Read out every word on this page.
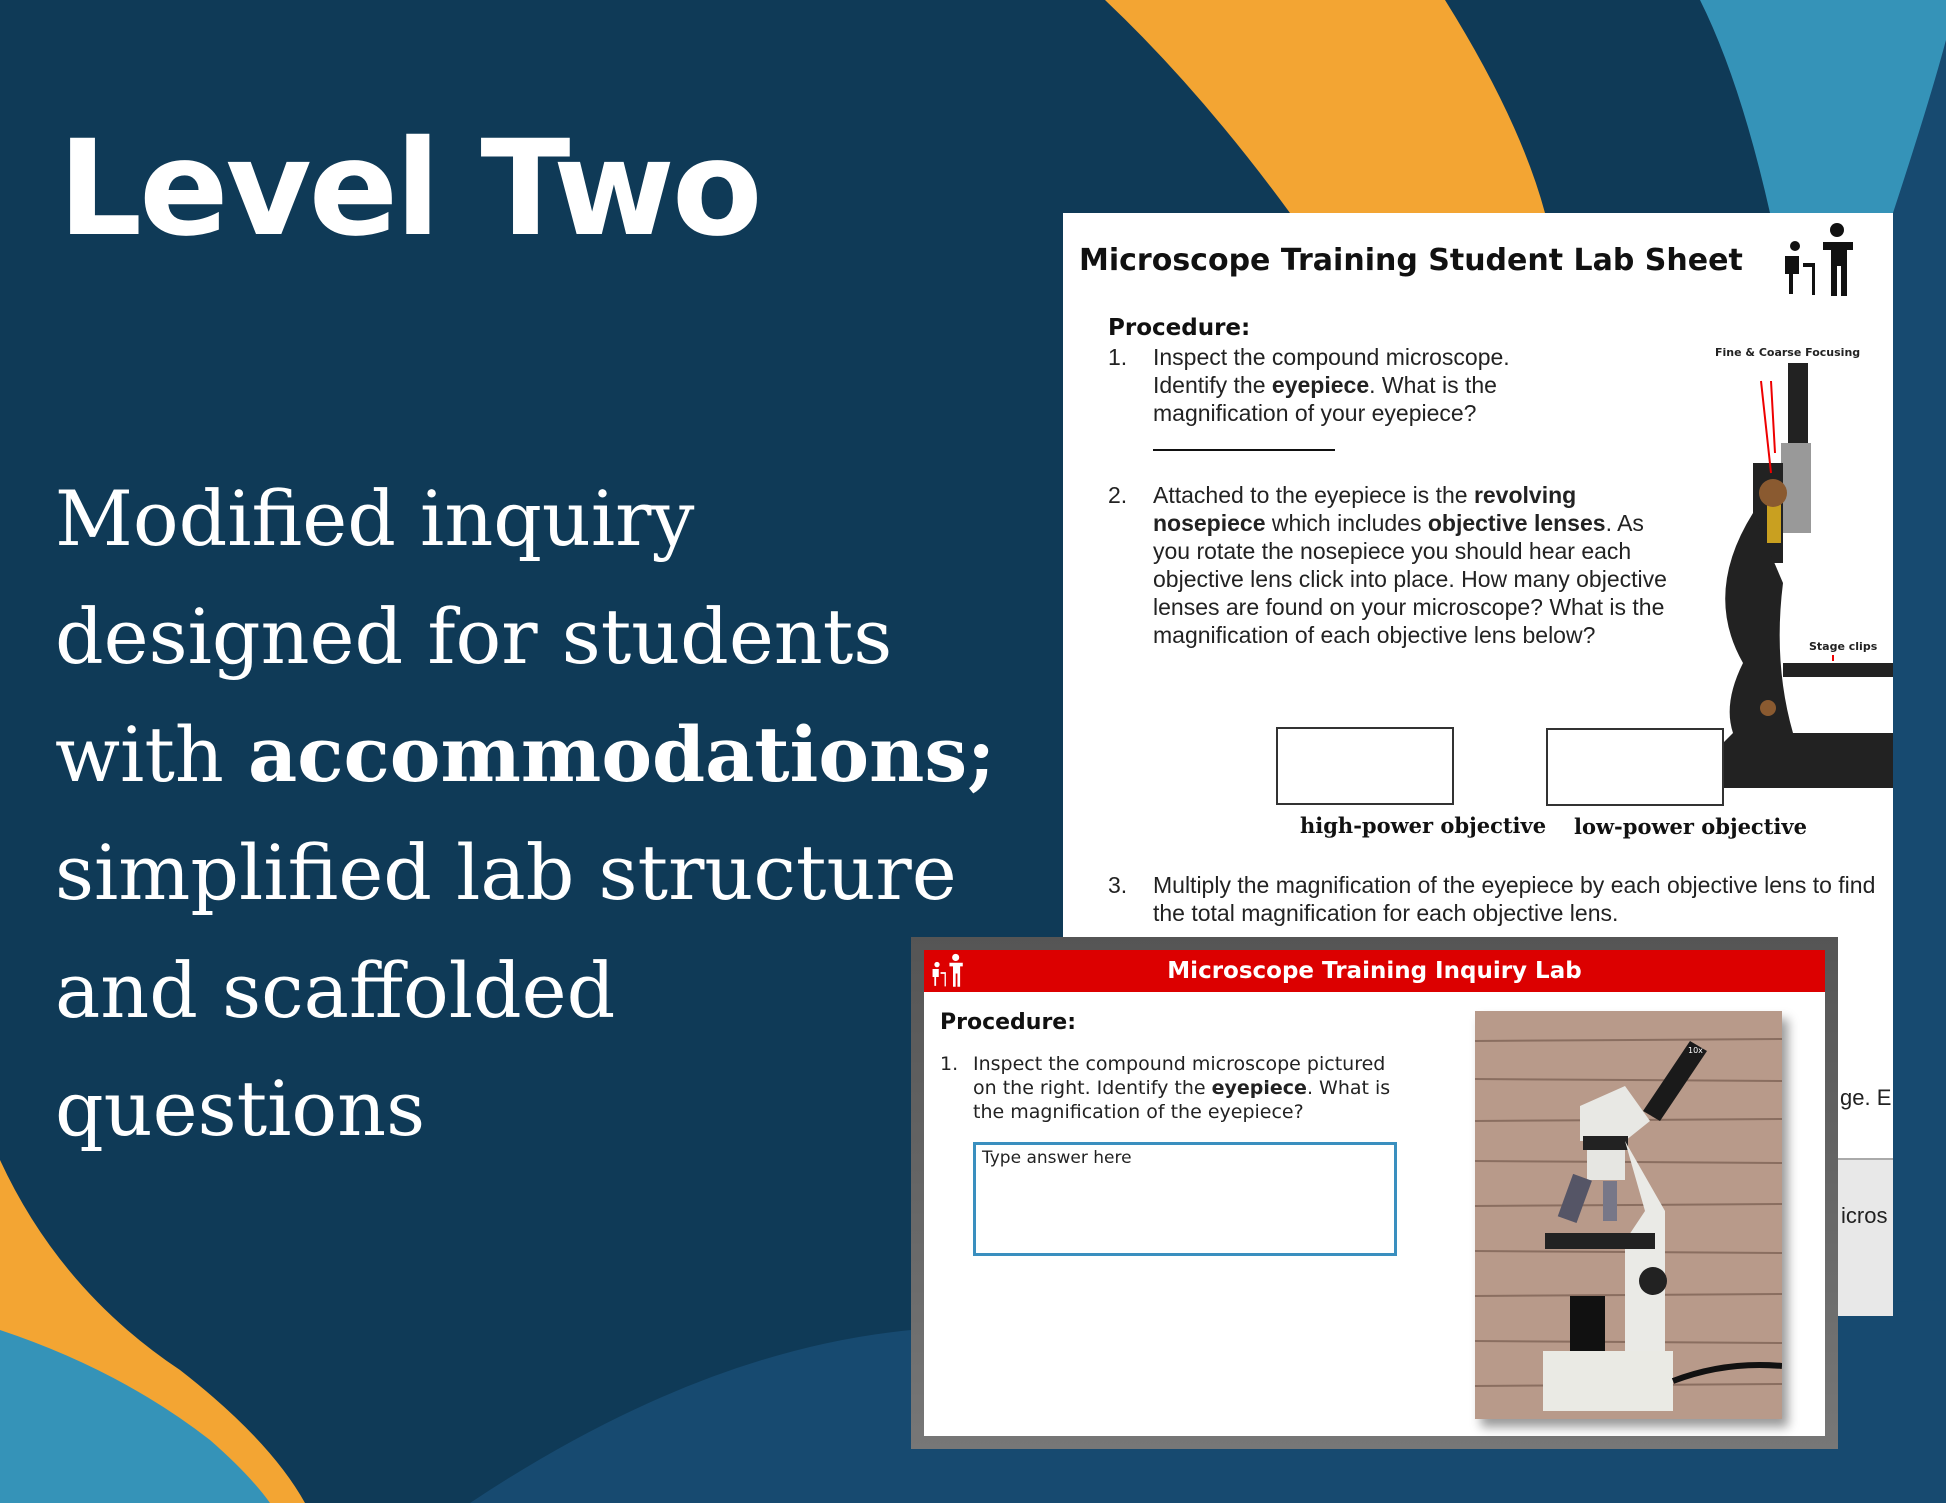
Level Two
Modified inquiry
designed for students
with accommodations;
simplified lab structure
and scaffolded
questions
Microscope Training Student Lab Sheet
Procedure:
1. Inspect the compound microscope. Identify the eyepiece. What is the magnification of your eyepiece?
Fine & Coarse Focusing
Stage clips
2. Attached to the eyepiece is the revolving nosepiece which includes objective lenses. As you rotate the nosepiece you should hear each objective lens click into place. How many objective lenses are found on your microscope? What is the magnification of each objective lens below?
high-power objective low-power objective
3. Multiply the magnification of the eyepiece by each objective lens to find the total magnification for each objective lens.
ge. E
icros
Microscope Training Inquiry Lab
Procedure:
1. Inspect the compound microscope pictured on the right. Identify the eyepiece. What is the magnification of the eyepiece?
Type answer here
10x
